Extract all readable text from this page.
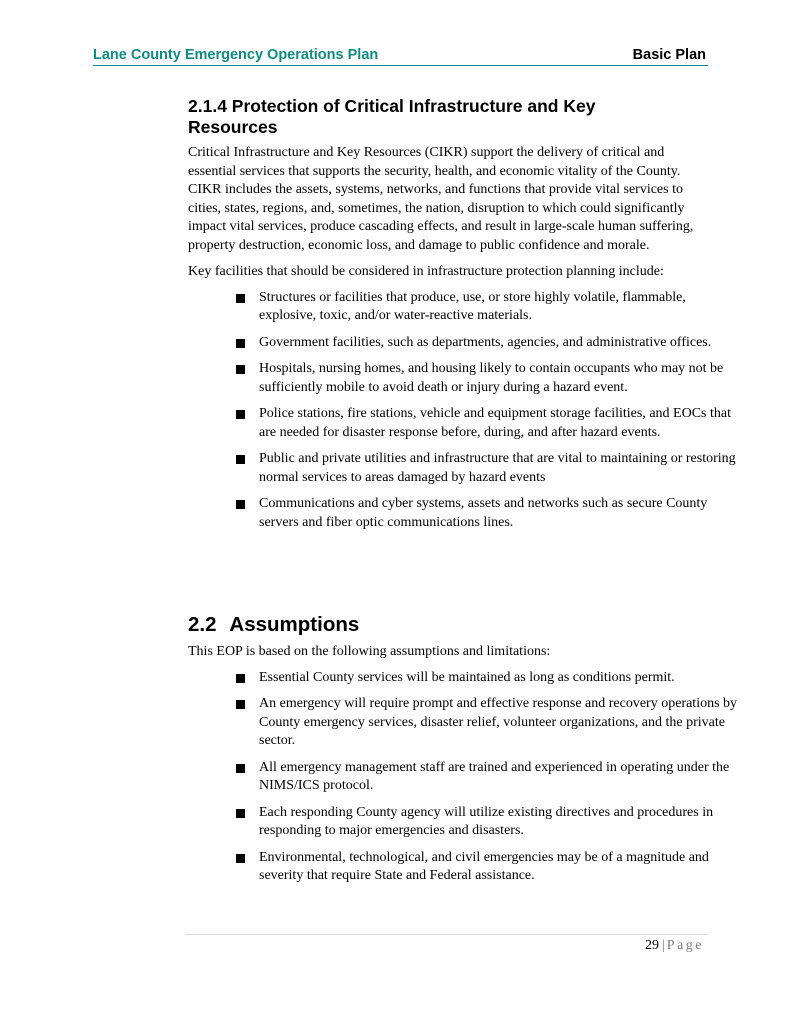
Lane County Emergency Operations Plan	Basic Plan
2.1.4 Protection of Critical Infrastructure and Key Resources

Critical Infrastructure and Key Resources (CIKR) support the delivery of critical and essential services that supports the security, health, and economic vitality of the County. CIKR includes the assets, systems, networks, and functions that provide vital services to cities, states, regions, and, sometimes, the nation, disruption to which could significantly impact vital services, produce cascading effects, and result in large-scale human suffering, property destruction, economic loss, and damage to public confidence and morale.

Key facilities that should be considered in infrastructure protection planning include:

Structures or facilities that produce, use, or store highly volatile, flammable, explosive, toxic, and/or water-reactive materials.
Government facilities, such as departments, agencies, and administrative offices.
Hospitals, nursing homes, and housing likely to contain occupants who may not be sufficiently mobile to avoid death or injury during a hazard event.
Police stations, fire stations, vehicle and equipment storage facilities, and EOCs that are needed for disaster response before, during, and after hazard events.
Public and private utilities and infrastructure that are vital to maintaining or restoring normal services to areas damaged by hazard events
Communications and cyber systems, assets and networks such as secure County servers and fiber optic communications lines.
2.2 Assumptions

This EOP is based on the following assumptions and limitations:

Essential County services will be maintained as long as conditions permit.
An emergency will require prompt and effective response and recovery operations by County emergency services, disaster relief, volunteer organizations, and the private sector.
All emergency management staff are trained and experienced in operating under the NIMS/ICS protocol.
Each responding County agency will utilize existing directives and procedures in responding to major emergencies and disasters.
Environmental, technological, and civil emergencies may be of a magnitude and severity that require State and Federal assistance.
29 | Page
